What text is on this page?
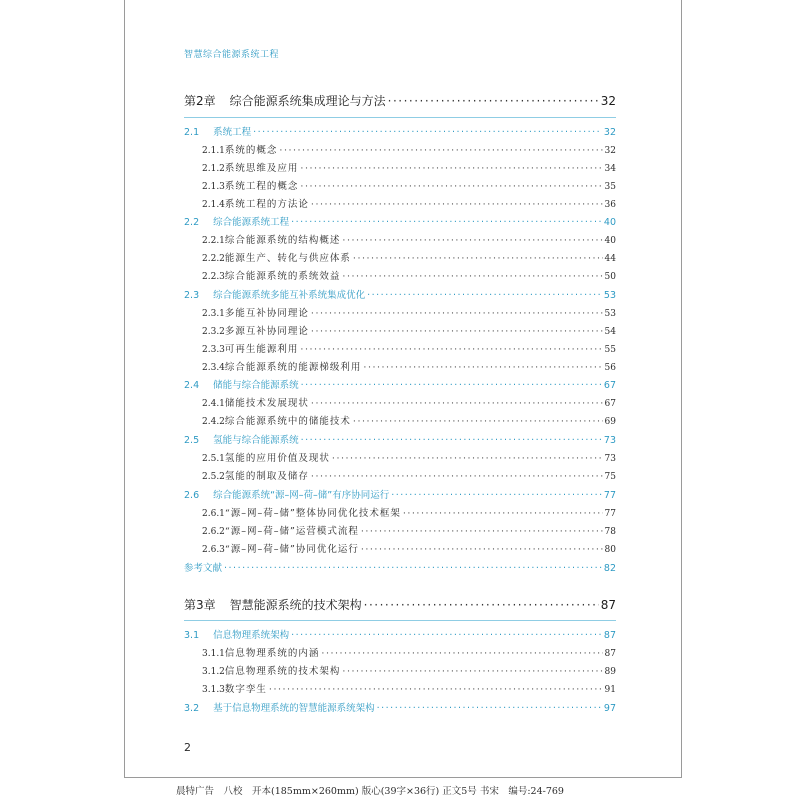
智慧综合能源系统工程
第2章 综合能源系统集成理论与方法 ·····	32
2.1 系统工程 ·····	32
2.1.1 系统的概念 ·····	32
2.1.2 系统思维及应用 ·····	34
2.1.3 系统工程的概念 ·····	35
2.1.4 系统工程的方法论 ·····	36
2.2 综合能源系统工程 ·····	40
2.2.1 综合能源系统的结构概述 ·····	40
2.2.2 能源生产、转化与供应体系 ·····	44
2.2.3 综合能源系统的系统效益 ·····	50
2.3 综合能源系统多能互补系统集成优化 ·····	53
2.3.1 多能互补协同理论 ·····	53
2.3.2 多源互补协同理论 ·····	54
2.3.3 可再生能源利用 ·····	55
2.3.4 综合能源系统的能源梯级利用 ·····	56
2.4 储能与综合能源系统 ·····	67
2.4.1 储能技术发展现状 ·····	67
2.4.2 综合能源系统中的储能技术 ·····	69
2.5 氢能与综合能源系统 ·····	73
2.5.1 氢能的应用价值及现状 ·····	73
2.5.2 氢能的制取及储存 ·····	75
2.6 综合能源系统“源–网–荷–储”有序协同运行 ·····	77
2.6.1 “源–网–荷–储”整体协同优化技术框架 ·····	77
2.6.2 “源–网–荷–储”运营模式流程 ·····	78
2.6.3 “源–网–荷–储”协同优化运行 ·····	80
参考文献 ·····	82
第3章 智慧能源系统的技术架构 ·····	87
3.1 信息物理系统架构 ·····	87
3.1.1 信息物理系统的内涵 ·····	87
3.1.2 信息物理系统的技术架构 ·····	89
3.1.3 数字孪生 ·····	91
3.2 基于信息物理系统的智慧能源系统架构 ·····	97
2
晨特广告　八校　开本(185mm×260mm) 版心(39字×36行) 正文5号 书宋　编号:24-769
